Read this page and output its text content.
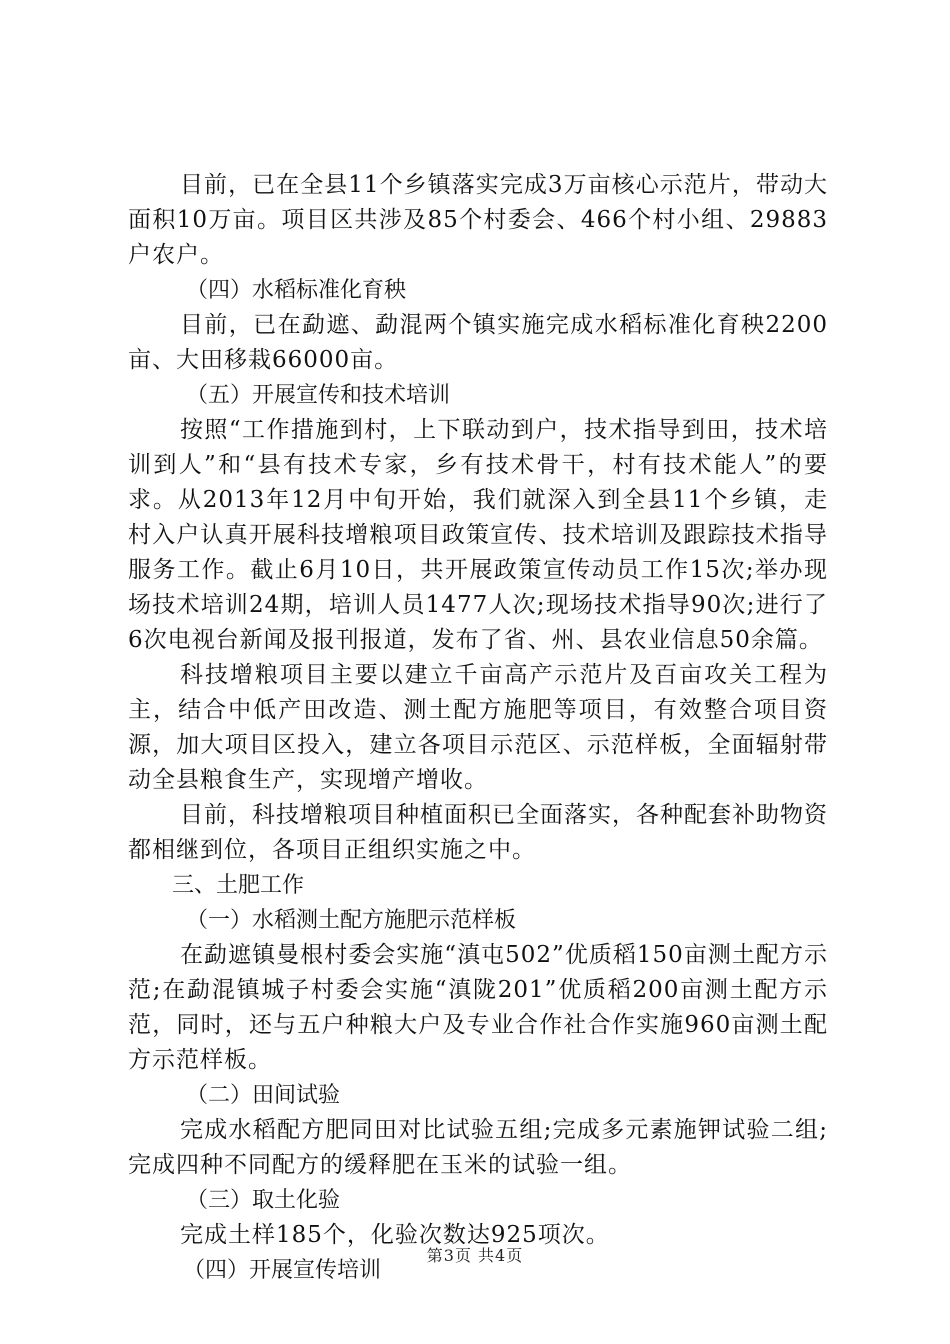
目前，已在全县11个乡镇落实完成3万亩核心示范片，带动大面积10万亩。项目区共涉及85个村委会、466个村小组、29883户农户。

（四）水稻标准化育秧

目前，已在勐遮、勐混两个镇实施完成水稻标准化育秧2200亩、大田移栽66000亩。

（五）开展宣传和技术培训

按照“工作措施到村，上下联动到户，技术指导到田，技术培训到人”和“县有技术专家，乡有技术骨干，村有技术能人”的要求。从2013年12月中旬开始，我们就深入到全县11个乡镇，走村入户认真开展科技增粮项目政策宣传、技术培训及跟踪技术指导服务工作。截止6月10日，共开展政策宣传动员工作15次;举办现场技术培训24期，培训人员1477人次;现场技术指导90次;进行了6次电视台新闻及报刊报道，发布了省、州、县农业信息50余篇。

科技增粮项目主要以建立千亩高产示范片及百亩攻关工程为主，结合中低产田改造、测土配方施肥等项目，有效整合项目资源，加大项目区投入，建立各项目示范区、示范样板，全面辐射带动全县粮食生产，实现增产增收。

目前，科技增粮项目种植面积已全面落实，各种配套补助物资都相继到位，各项目正组织实施之中。

三、土肥工作

（一）水稻测土配方施肥示范样板

在勐遮镇曼根村委会实施“滇屯502”优质稻150亩测土配方示范;在勐混镇城子村委会实施“滇陇201”优质稻200亩测土配方示范，同时，还与五户种粮大户及专业合作社合作实施960亩测土配方示范样板。

（二）田间试验

完成水稻配方肥同田对比试验五组;完成多元素施钾试验二组;完成四种不同配方的缓释肥在玉米的试验一组。

（三）取土化验

完成土样185个，化验次数达925项次。

（四）开展宣传培训

第3页 共4页
